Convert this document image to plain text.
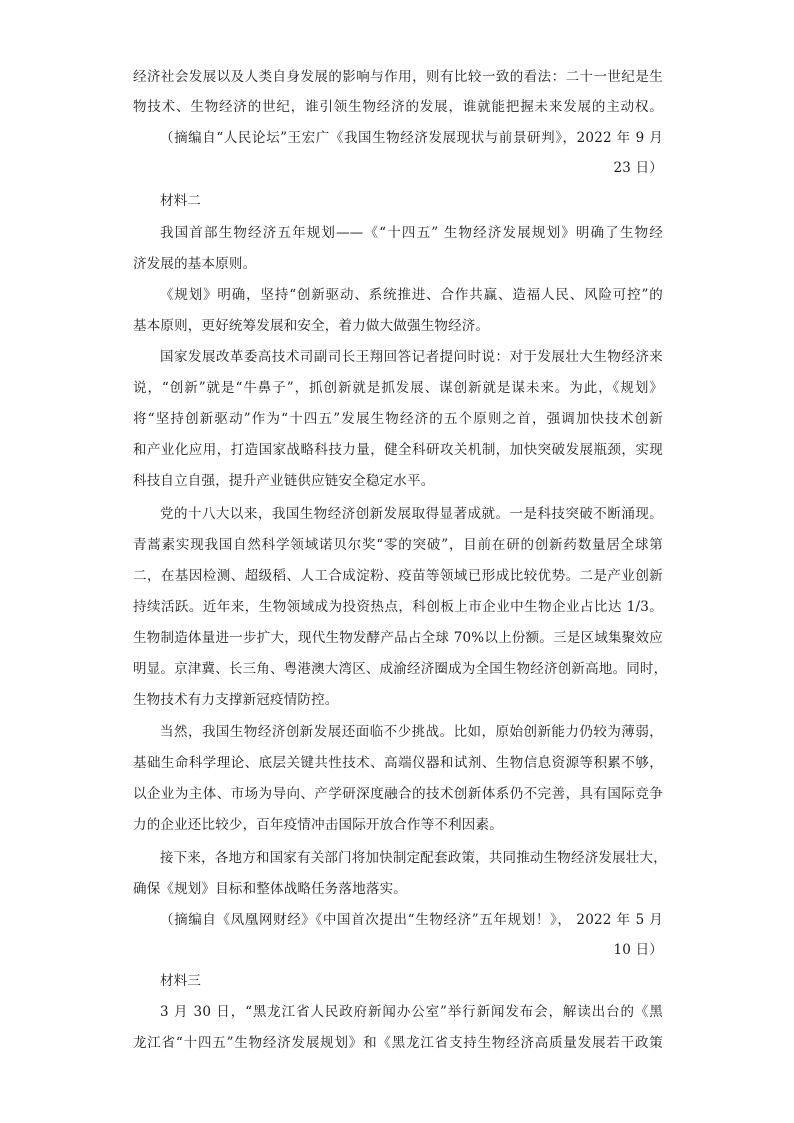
经济社会发展以及人类自身发展的影响与作用，则有比较一致的看法：二十一世纪是生
物技术、生物经济的世纪，谁引领生物经济的发展，谁就能把握未来发展的主动权。
（摘编自“人民论坛”王宏广《我国生物经济发展现状与前景研判》，2022 年 9 月
23 日）
材料二
我国首部生物经济五年规划——《“十四五” 生物经济发展规划》明确了生物经
济发展的基本原则。
《规划》明确，坚持“创新驱动、系统推进、合作共赢、造福人民、风险可控”的
基本原则，更好统筹发展和安全，着力做大做强生物经济。
国家发展改革委高技术司副司长王翔回答记者提问时说：对于发展壮大生物经济来
说，“创新”就是“牛鼻子”，抓创新就是抓发展、谋创新就是谋未来。为此，《规划》
将“坚持创新驱动”作为“十四五”发展生物经济的五个原则之首，强调加快技术创新
和产业化应用，打造国家战略科技力量，健全科研攻关机制，加快突破发展瓶颈，实现
科技自立自强，提升产业链供应链安全稳定水平。
党的十八大以来，我国生物经济创新发展取得显著成就。一是科技突破不断涌现。
青蒿素实现我国自然科学领域诺贝尔奖“零的突破”，目前在研的创新药数量居全球第
二，在基因检测、超级稻、人工合成淀粉、疫苗等领域已形成比较优势。二是产业创新
持续活跃。近年来，生物领域成为投资热点，科创板上市企业中生物企业占比达 1/3。
生物制造体量进一步扩大，现代生物发酵产品占全球 70%以上份额。三是区域集聚效应
明显。京津冀、长三角、粤港澳大湾区、成渝经济圈成为全国生物经济创新高地。同时，
生物技术有力支撑新冠疫情防控。
当然，我国生物经济创新发展还面临不少挑战。比如，原始创新能力仍较为薄弱，
基础生命科学理论、底层关键共性技术、高端仪器和试剂、生物信息资源等积累不够，
以企业为主体、市场为导向、产学研深度融合的技术创新体系仍不完善，具有国际竞争
力的企业还比较少，百年疫情冲击国际开放合作等不利因素。
接下来，各地方和国家有关部门将加快制定配套政策，共同推动生物经济发展壮大，
确保《规划》目标和整体战略任务落地落实。
（摘编自《凤凰网财经》《中国首次提出“生物经济”五年规划！》， 2022 年 5 月
10 日）
材料三
3 月 30 日，“黑龙江省人民政府新闻办公室”举行新闻发布会，解读出台的《黑
龙江省“十四五”生物经济发展规划》和《黑龙江省支持生物经济高质量发展若干政策
